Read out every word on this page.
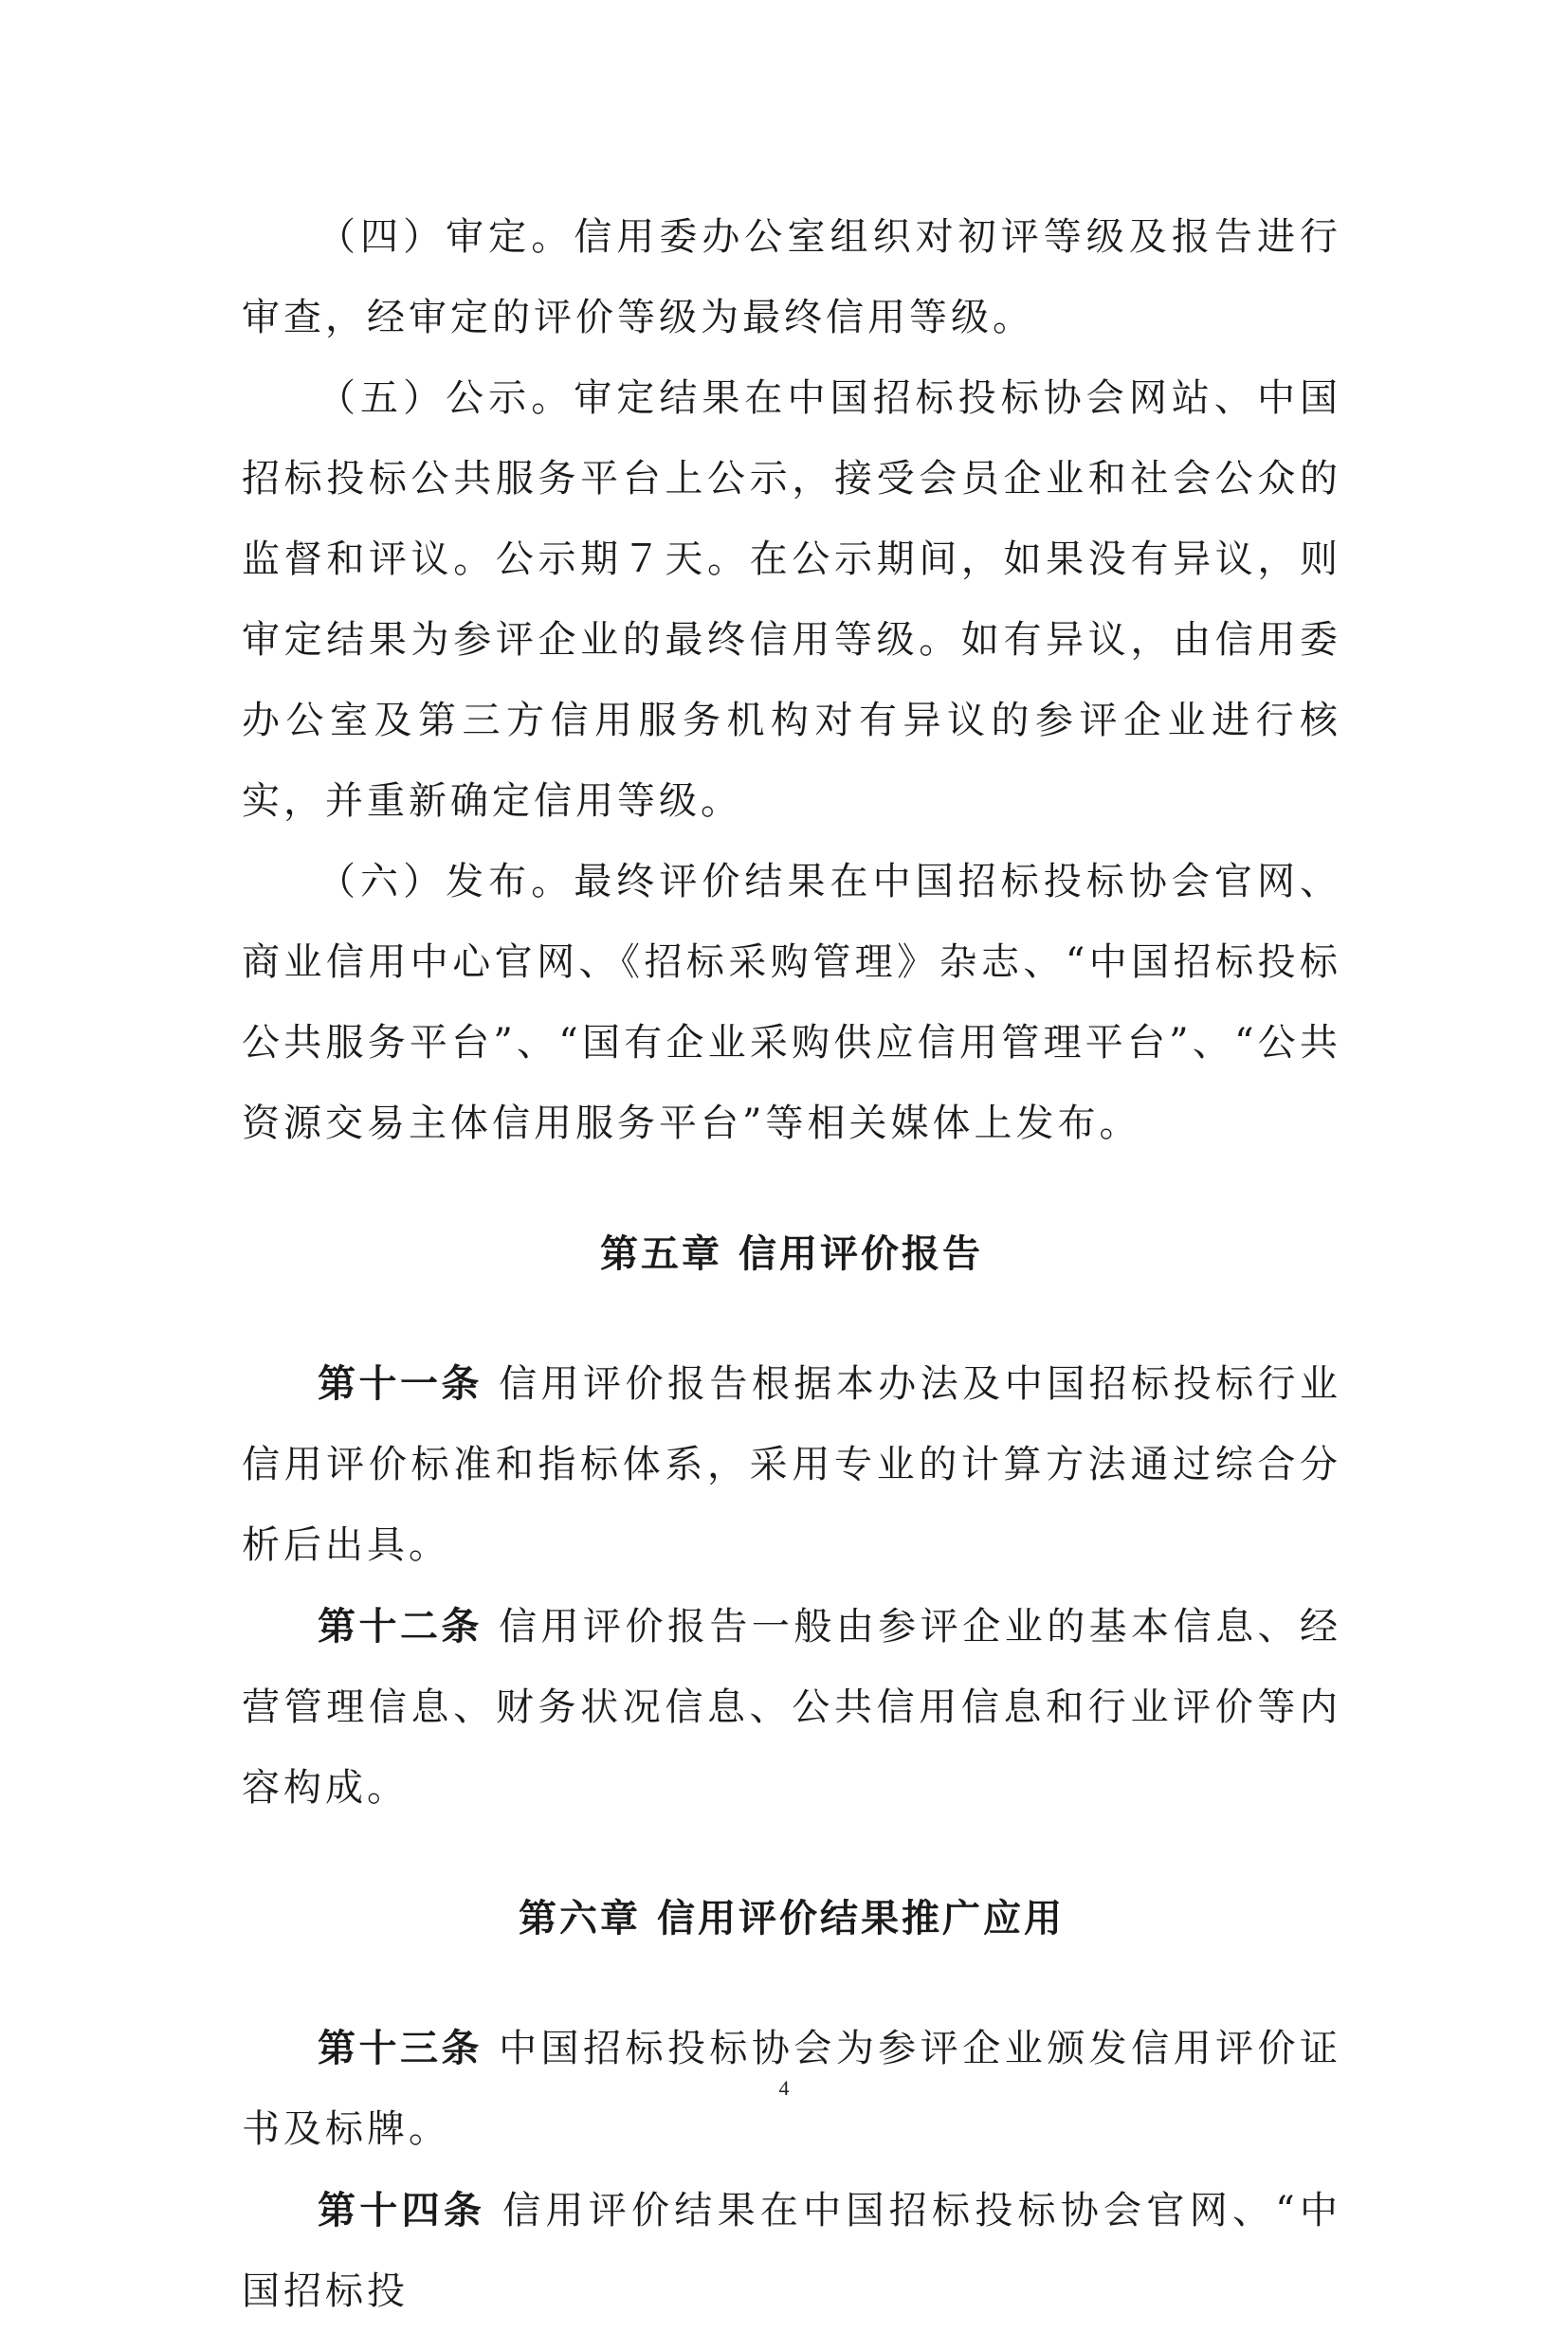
（四）审定。信用委办公室组织对初评等级及报告进行审查，经审定的评价等级为最终信用等级。

（五）公示。审定结果在中国招标投标协会网站、中国招标投标公共服务平台上公示，接受会员企业和社会公众的监督和评议。公示期７天。在公示期间，如果没有异议，则审定结果为参评企业的最终信用等级。如有异议，由信用委办公室及第三方信用服务机构对有异议的参评企业进行核实，并重新确定信用等级。

（六）发布。最终评价结果在中国招标投标协会官网、商业信用中心官网、《招标采购管理》杂志、“中国招标投标公共服务平台”、“国有企业采购供应信用管理平台”、“公共资源交易主体信用服务平台”等相关媒体上发布。

第五章 信用评价报告

第十一条 信用评价报告根据本办法及中国招标投标行业信用评价标准和指标体系，采用专业的计算方法通过综合分析后出具。

第十二条 信用评价报告一般由参评企业的基本信息、经营管理信息、财务状况信息、公共信用信息和行业评价等内容构成。

第六章 信用评价结果推广应用

第十三条 中国招标投标协会为参评企业颁发信用评价证书及标牌。

第十四条 信用评价结果在中国招标投标协会官网、“中国招标投

4
